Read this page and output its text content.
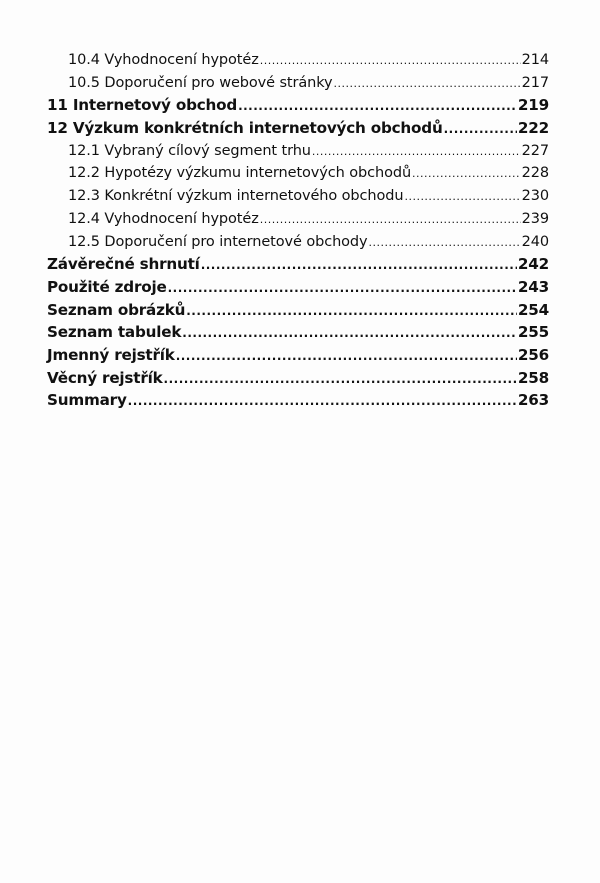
10.4 Vyhodnocení hypotéz .....	214
10.5 Doporučení pro webové stránky .....	217
11 Internetový obchod .....	219
12 Výzkum konkrétních internetových obchodů .....	222
12.1 Vybraný cílový segment trhu .....	227
12.2 Hypotézy výzkumu internetových obchodů .....	228
12.3 Konkrétní výzkum internetového obchodu .....	230
12.4 Vyhodnocení hypotéz .....	239
12.5 Doporučení pro internetové obchody .....	240
Závěrečné shrnutí .....	242
Použité zdroje .....	243
Seznam obrázků .....	254
Seznam tabulek .....	255
Jmenný rejstřík .....	256
Věcný rejstřík .....	258
Summary .....	263
